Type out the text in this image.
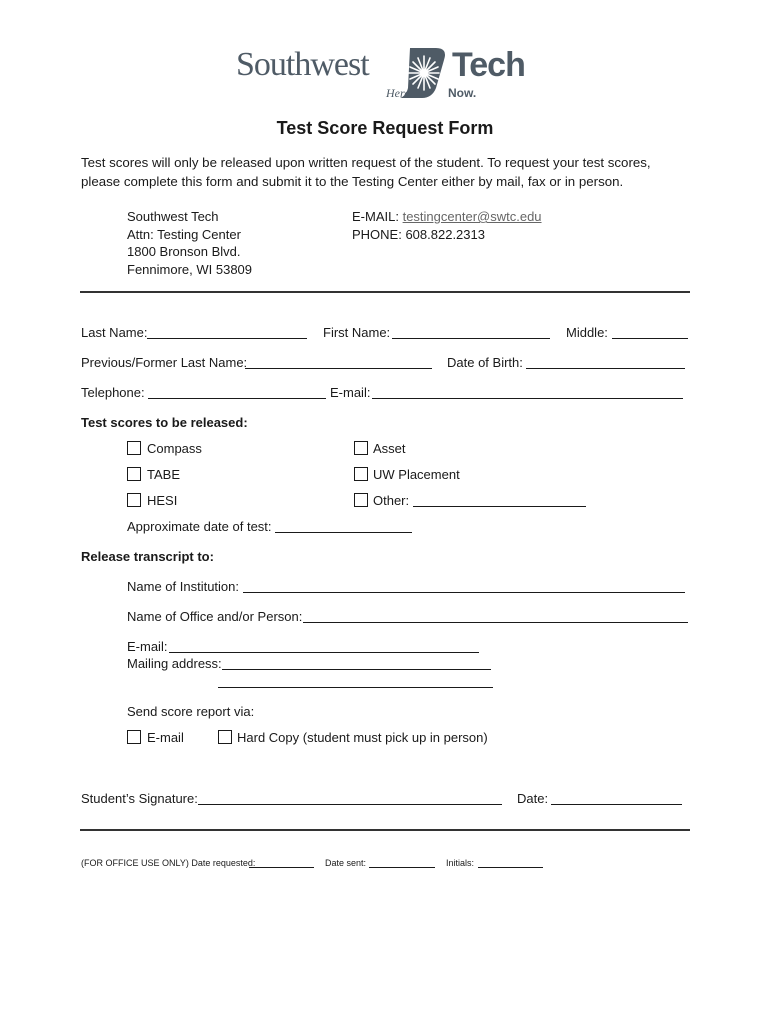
Southwest Tech
Here.	Now.
Test Score Request Form
Test scores will only be released upon written request of the student. To request your test scores,
please complete this form and submit it to the Testing Center either by mail, fax or in person.
Southwest Tech
Attn: Testing Center
1800 Bronson Blvd.
Fennimore, WI 53809
E-MAIL: testingcenter@swtc.edu
PHONE: 608.822.2313
Last Name:	First Name:	Middle:
Previous/Former Last Name:	Date of Birth:
Telephone:	E-mail:
Test scores to be released:
Compass	Asset
TABE	UW Placement
HESI	Other:
Approximate date of test:
Release transcript to:
Name of Institution:
Name of Office and/or Person:
E-mail:
Mailing address:
Send score report via:
E-mail	Hard Copy (student must pick up in person)
Student’s Signature:	Date:
(FOR OFFICE USE ONLY) Date requested:	Date sent:	Initials:
